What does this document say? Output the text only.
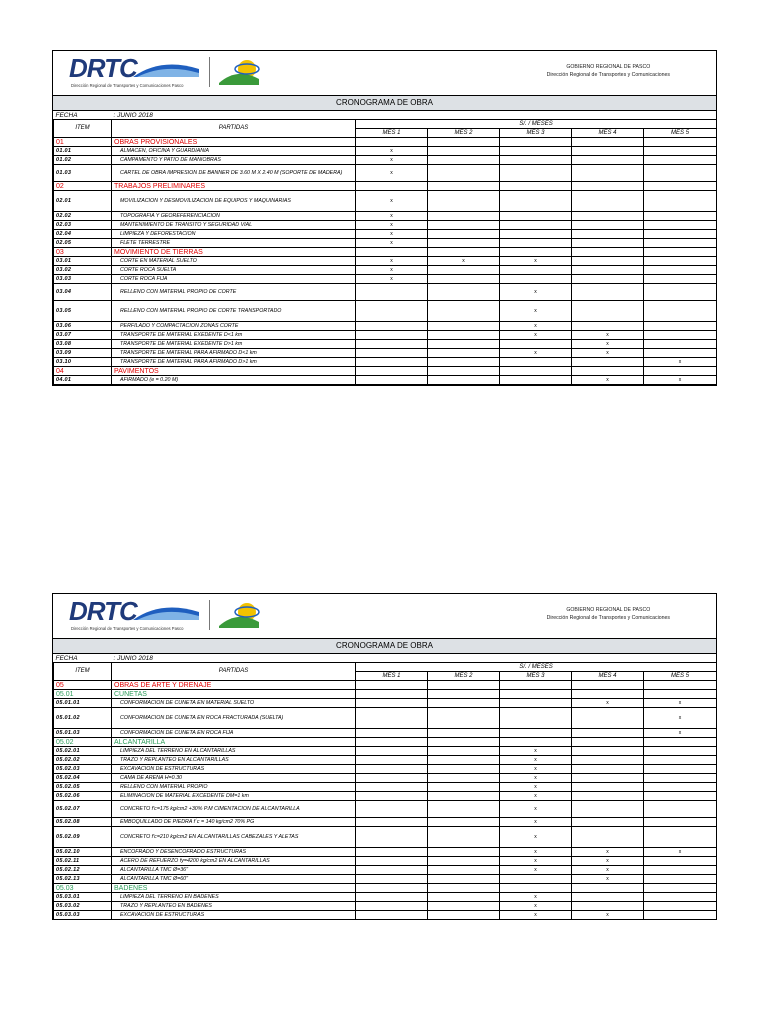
DRTC
Dirección Regional de Transportes y Comunicaciones Pasco
GOBIERNO REGIONAL DE PASCO
Dirección Regional de Transportes y Comunicaciones
CRONOGRAMA DE OBRA
FECHA	: JUNIO 2018					
ITEM	PARTIDAS	S/. / MESES				
		MES 1	MES 2	MES 3	MES 4	MES 5
01	OBRAS PROVISIONALES					
01.01	ALMACEN, OFICINA Y GUARDIANIA	x				
01.02	CAMPAMENTO Y PATIO DE MANIOBRAS	x				
01.03	CARTEL DE OBRA IMPRESION DE BANNER DE 3.60 M X 2.40 M (SOPORTE DE MADERA)	x				
02	TRABAJOS PRELIMINARES					
02.01	MOVILIZACION Y DESMOVILIZACION DE EQUIPOS Y MAQUINARIAS	x				
02.02	TOPOGRAFIA Y GEOREFERENCIACION	x				
02.03	MANTENIMIENTO DE TRANSITO Y SEGURIDAD VIAL	x				
02.04	LIMPIEZA Y DEFORESTACION	x				
02.05	FLETE TERRESTRE	x				
03	MOVIMIENTO DE TIERRAS					
03.01	CORTE EN MATERIAL SUELTO	x	x	x		
03.02	CORTE ROCA SUELTA	x				
03.03	CORTE ROCA FIJA	x				
03.04	RELLENO CON MATERIAL PROPIO DE CORTE			x		
03.05	RELLENO CON MATERIAL PROPIO DE CORTE TRANSPORTADO			x		
03.06	PERFILADO Y COMPACTACION ZONAS CORTE			x		
03.07	TRANSPORTE DE MATERIAL EXEDENTE D<1 km			x	x	
03.08	TRANSPORTE DE MATERIAL EXEDENTE D>1 km				x	
03.09	TRANSPORTE DE MATERIAL PARA AFIRMADO D<1 km			x	x	
03.10	TRANSPORTE DE MATERIAL PARA AFIRMADO D>1 km					x
04	PAVIMENTOS					
04.01	AFIRMADO (e = 0.20 M)				x	x
DRTC
Dirección Regional de Transportes y Comunicaciones Pasco
GOBIERNO REGIONAL DE PASCO
Dirección Regional de Transportes y Comunicaciones
CRONOGRAMA DE OBRA
FECHA	: JUNIO 2018					
ITEM	PARTIDAS	S/. / MESES				
		MES 1	MES 2	MES 3	MES 4	MES 5
05	OBRAS DE ARTE Y DRENAJE					
05.01	CUNETAS					
05.01.01	CONFORMACION DE CUNETA EN MATERIAL SUELTO				x	x
05.01.02	CONFORMACION DE CUNETA EN ROCA FRACTURADA (SUELTA)					x
05.01.03	CONFORMACION DE CUNETA EN ROCA FIJA					x
05.02	ALCANTARILLA					
05.02.01	LIMPIEZA DEL TERRENO EN ALCANTARILLAS			x		
05.02.02	TRAZO Y REPLANTEO EN ALCANTARILLAS			x		
05.02.03	EXCAVACION DE ESTRUCTURAS			x		
05.02.04	CAMA DE ARENA H=0.30			x		
05.02.05	RELLENO CON MATERIAL PROPIO			x		
05.02.06	ELIMINACION DE MATERIAL EXCEDENTE DM=1 km			x		
05.02.07	CONCRETO f'c=175 kg/cm2 +30% P.M CIMENTACION DE ALCANTARILLA			x		
05.02.08	EMBOQUILLADO DE PIEDRA f´c = 140 kg/cm2 70% PG			x		
05.02.09	CONCRETO f'c=210 kg/cm2 EN ALCANTARILLAS CABEZALES Y ALETAS			x		
05.02.10	ENCOFRADO Y DESENCOFRADO ESTRUCTURAS			x	x	x
05.02.11	ACERO DE REFUERZO fy=4200 kg/cm2 EN ALCANTARILLAS			x	x	
05.02.12	ALCANTARILLA TMC Ø=36"			x	x	
05.02.13	ALCANTARILLA TMC Ø=60"				x	
05.03	BADENES					
05.03.01	LIMPIEZA DEL TERRENO EN BADENES			x		
05.03.02	TRAZO Y REPLANTEO EN BADENES			x		
05.03.03	EXCAVACION DE ESTRUCTURAS			x	x	
